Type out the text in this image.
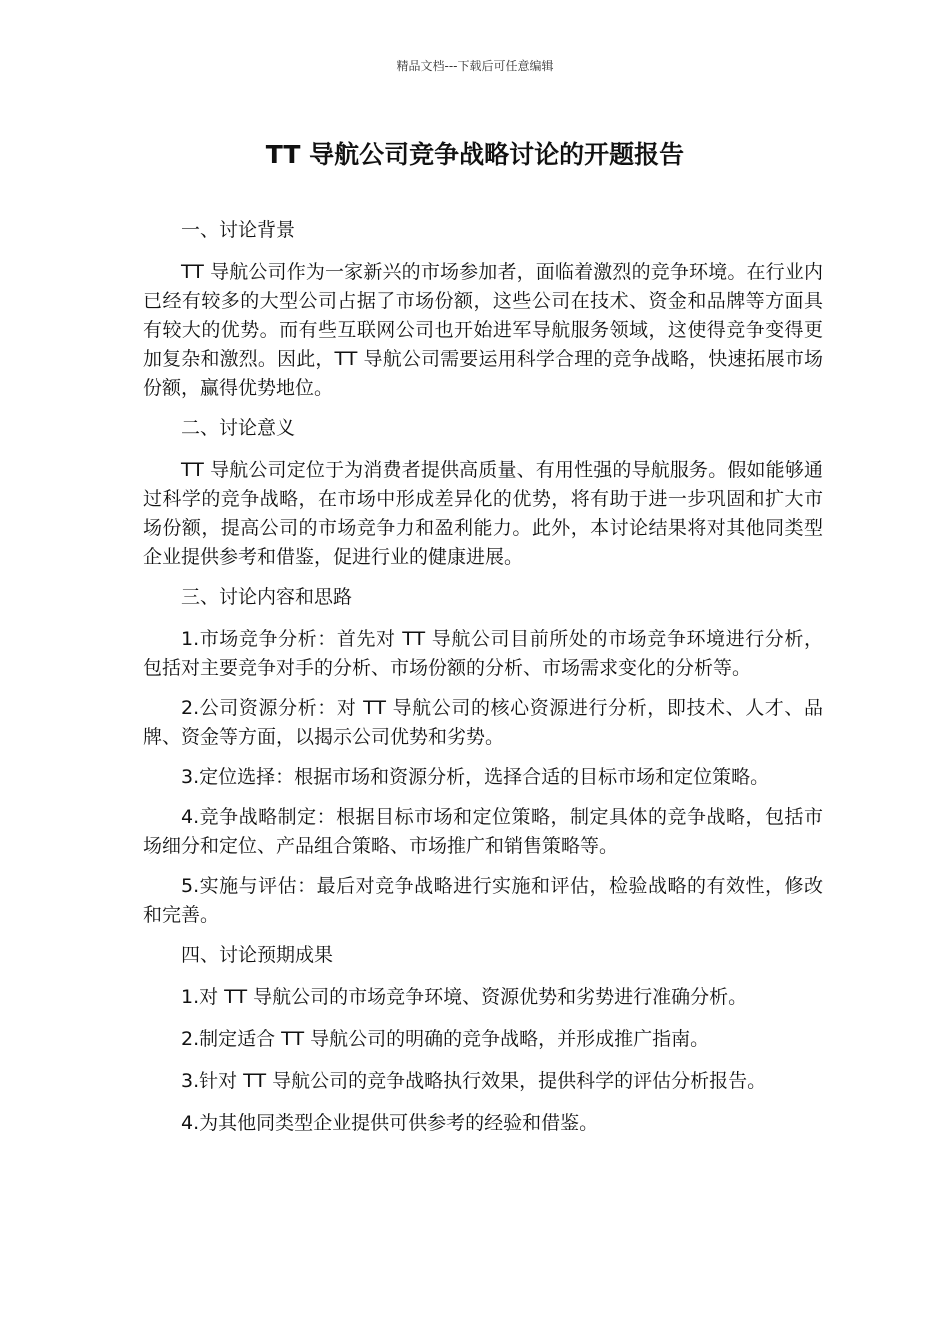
精品文档---下载后可任意编辑
TT 导航公司竞争战略讨论的开题报告

一、讨论背景

TT 导航公司作为一家新兴的市场参加者，面临着激烈的竞争环境。在行业内已经有较多的大型公司占据了市场份额，这些公司在技术、资金和品牌等方面具有较大的优势。而有些互联网公司也开始进军导航服务领域，这使得竞争变得更加复杂和激烈。因此，TT 导航公司需要运用科学合理的竞争战略，快速拓展市场份额，赢得优势地位。

二、讨论意义

TT 导航公司定位于为消费者提供高质量、有用性强的导航服务。假如能够通过科学的竞争战略，在市场中形成差异化的优势，将有助于进一步巩固和扩大市场份额，提高公司的市场竞争力和盈利能力。此外，本讨论结果将对其他同类型企业提供参考和借鉴，促进行业的健康进展。

三、讨论内容和思路

1.市场竞争分析：首先对 TT 导航公司目前所处的市场竞争环境进行分析，包括对主要竞争对手的分析、市场份额的分析、市场需求变化的分析等。

2.公司资源分析：对 TT 导航公司的核心资源进行分析，即技术、人才、品牌、资金等方面，以揭示公司优势和劣势。

3.定位选择：根据市场和资源分析，选择合适的目标市场和定位策略。

4.竞争战略制定：根据目标市场和定位策略，制定具体的竞争战略，包括市场细分和定位、产品组合策略、市场推广和销售策略等。

5.实施与评估：最后对竞争战略进行实施和评估，检验战略的有效性，修改和完善。

四、讨论预期成果

1.对 TT 导航公司的市场竞争环境、资源优势和劣势进行准确分析。

2.制定适合 TT 导航公司的明确的竞争战略，并形成推广指南。

3.针对 TT 导航公司的竞争战略执行效果，提供科学的评估分析报告。

4.为其他同类型企业提供可供参考的经验和借鉴。
